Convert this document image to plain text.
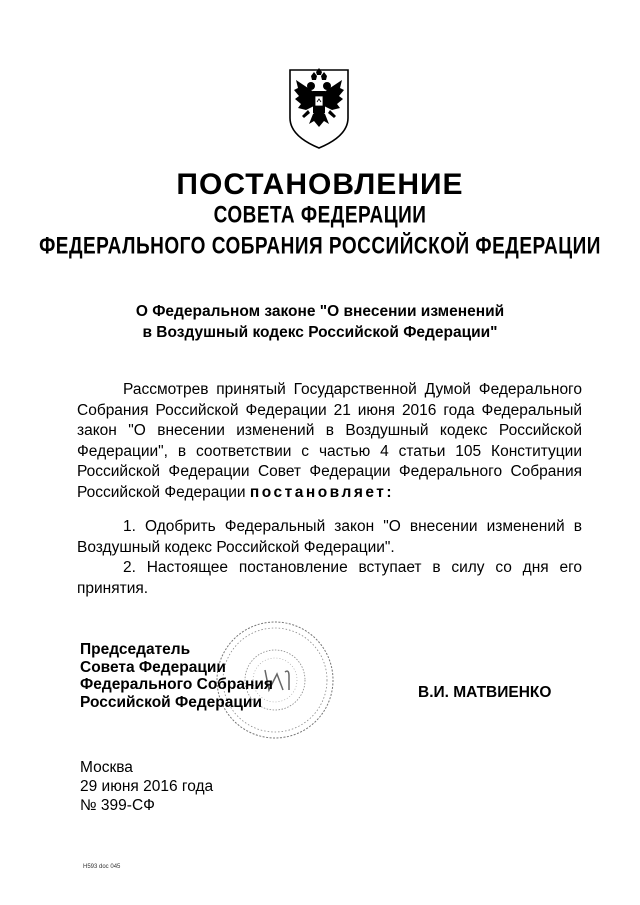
ПОСТАНОВЛЕНИЕ
СОВЕТА ФЕДЕРАЦИИ
ФЕДЕРАЛЬНОГО СОБРАНИЯ РОССИЙСКОЙ ФЕДЕРАЦИИ
О Федеральном законе "О внесении изменений
в Воздушный кодекс Российской Федерации"

Рассмотрев принятый Государственной Думой Федерального Собрания Российской Федерации 21 июня 2016 года Федеральный закон "О внесении изменений в Воздушный кодекс Российской Федерации", в соответствии с частью 4 статьи 105 Конституции Российской Федерации Совет Федерации Федерального Собрания Российской Федерации постановляет:

1. Одобрить Федеральный закон "О внесении изменений в Воздушный кодекс Российской Федерации".

2. Настоящее постановление вступает в силу со дня его принятия.

Председатель
Совета Федерации
Федерального Собрания
Российской Федерации
В.И. МАТВИЕНКО
Москва
29 июня 2016 года
№ 399-СФ
Н593 doc 045
